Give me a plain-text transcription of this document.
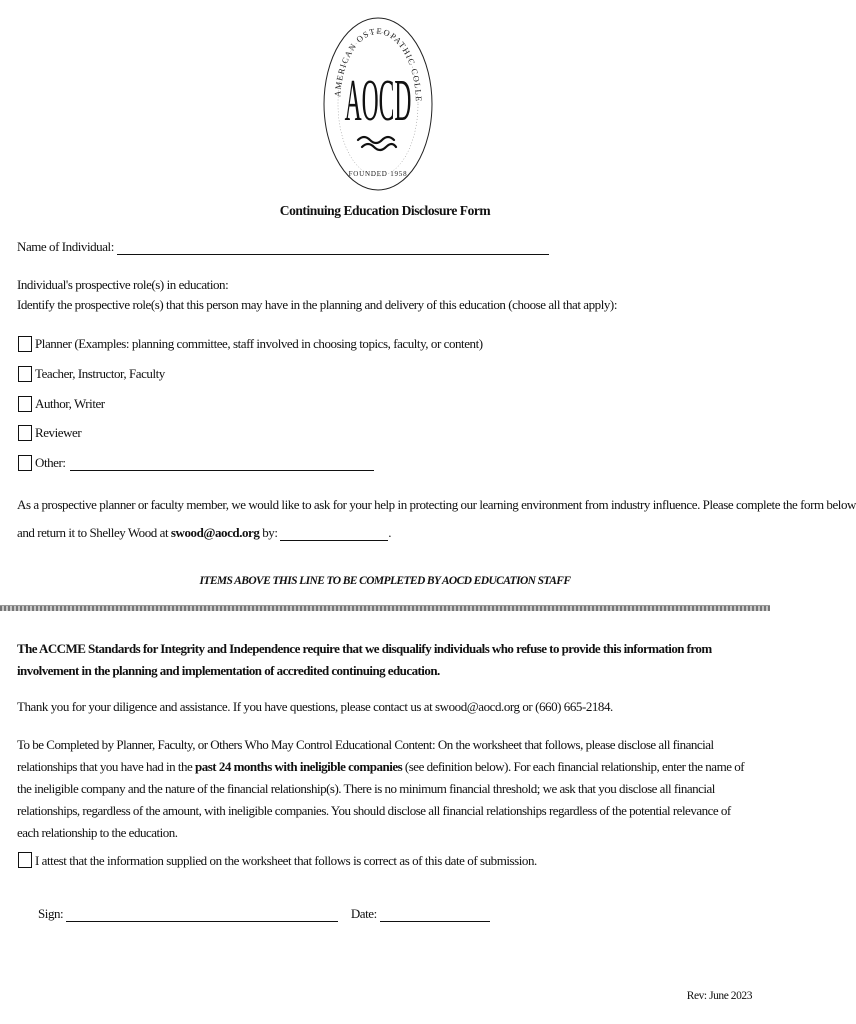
AMERICAN OSTEOPATHIC COLLE
AOCD
FOUNDED 1958
Continuing Education Disclosure Form
Name of Individual:
Individual's prospective role(s) in education:
Identify the prospective role(s) that this person may have in the planning and delivery of this education (choose all that apply):
Planner (Examples: planning committee, staff involved in choosing topics, faculty, or content)
Teacher, Instructor, Faculty
Author, Writer
Reviewer
Other:
As a prospective planner or faculty member, we would like to ask for your help in protecting our learning environment from industry influence. Please complete the form below
and return it to Shelley Wood at swood@aocd.org by:	.
ITEMS ABOVE THIS LINE TO BE COMPLETED BY AOCD EDUCATION STAFF
The ACCME Standards for Integrity and Independence require that we disqualify individuals who refuse to provide this information from involvement in the planning and implementation of accredited continuing education.
Thank you for your diligence and assistance. If you have questions, please contact us at swood@aocd.org or (660) 665-2184.
To be Completed by Planner, Faculty, or Others Who May Control Educational Content: On the worksheet that follows, please disclose all financial relationships that you have had in the past 24 months with ineligible companies (see definition below). For each financial relationship, enter the name of the ineligible company and the nature of the financial relationship(s). There is no minimum financial threshold; we ask that you disclose all financial relationships, regardless of the amount, with ineligible companies. You should disclose all financial relationships regardless of the potential relevance of each relationship to the education.
I attest that the information supplied on the worksheet that follows is correct as of this date of submission.
Sign:	Date:
Rev: June 2023
